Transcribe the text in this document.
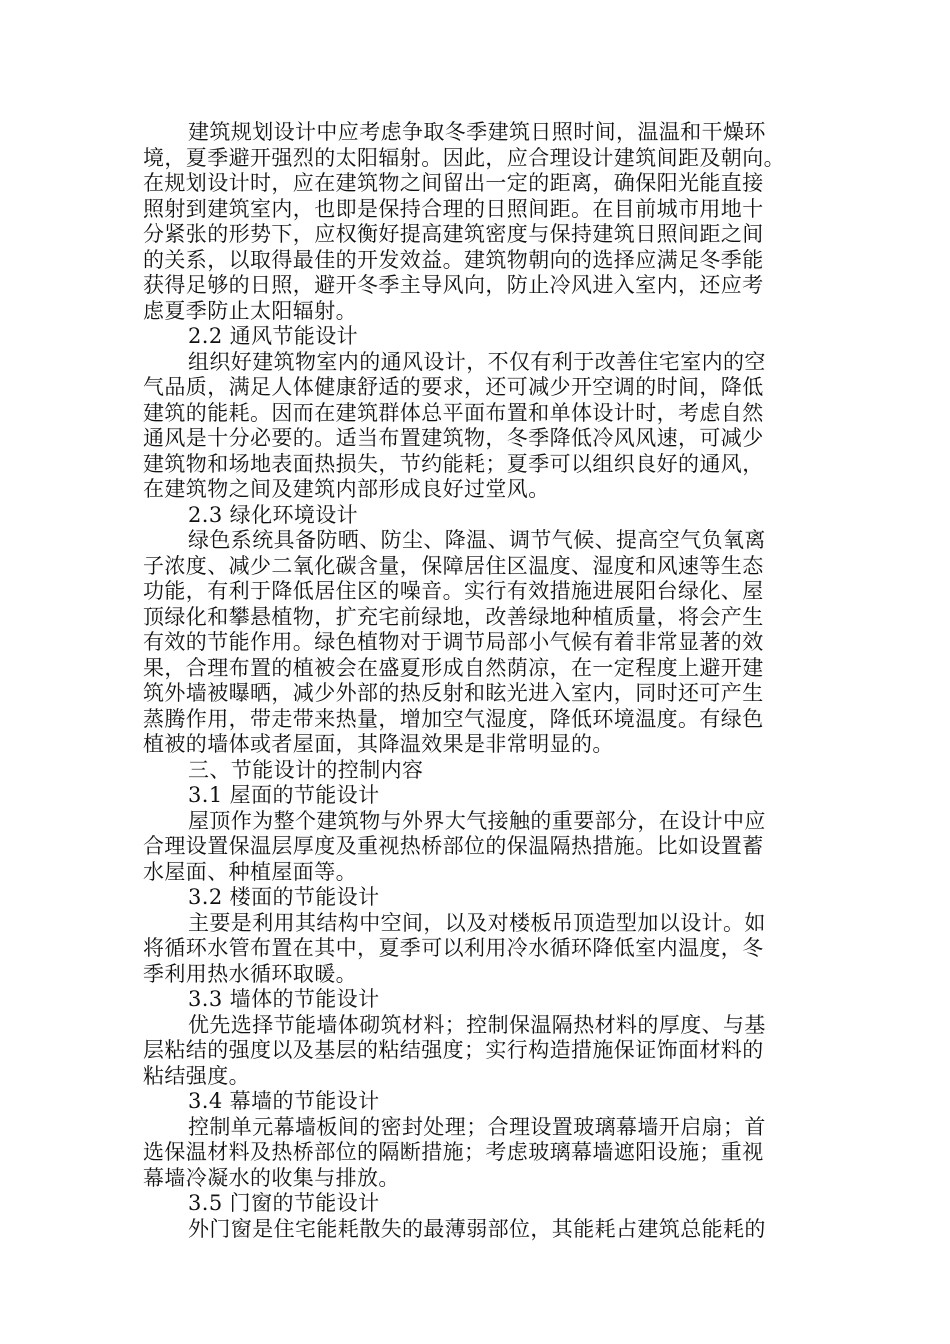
建筑规划设计中应考虑争取冬季建筑日照时间，温温和干燥环
境，夏季避开强烈的太阳辐射。因此，应合理设计建筑间距及朝向。
在规划设计时，应在建筑物之间留出一定的距离，确保阳光能直接
照射到建筑室内，也即是保持合理的日照间距。在目前城市用地十
分紧张的形势下，应权衡好提高建筑密度与保持建筑日照间距之间
的关系，以取得最佳的开发效益。建筑物朝向的选择应满足冬季能
获得足够的日照，避开冬季主导风向，防止冷风进入室内，还应考
虑夏季防止太阳辐射。
2.2 通风节能设计
组织好建筑物室内的通风设计，不仅有利于改善住宅室内的空
气品质，满足人体健康舒适的要求，还可减少开空调的时间，降低
建筑的能耗。因而在建筑群体总平面布置和单体设计时，考虑自然
通风是十分必要的。适当布置建筑物，冬季降低冷风风速，可减少
建筑物和场地表面热损失，节约能耗；夏季可以组织良好的通风，
在建筑物之间及建筑内部形成良好过堂风。
2.3 绿化环境设计
绿色系统具备防晒、防尘、降温、调节气候、提高空气负氧离
子浓度、减少二氧化碳含量，保障居住区温度、湿度和风速等生态
功能，有利于降低居住区的噪音。实行有效措施进展阳台绿化、屋
顶绿化和攀悬植物，扩充宅前绿地，改善绿地种植质量，将会产生
有效的节能作用。绿色植物对于调节局部小气候有着非常显著的效
果，合理布置的植被会在盛夏形成自然荫凉，在一定程度上避开建
筑外墙被曝晒，减少外部的热反射和眩光进入室内，同时还可产生
蒸腾作用，带走带来热量，增加空气湿度，降低环境温度。有绿色
植被的墙体或者屋面，其降温效果是非常明显的。
三、节能设计的控制内容
3.1 屋面的节能设计
屋顶作为整个建筑物与外界大气接触的重要部分，在设计中应
合理设置保温层厚度及重视热桥部位的保温隔热措施。比如设置蓄
水屋面、种植屋面等。
3.2 楼面的节能设计
主要是利用其结构中空间，以及对楼板吊顶造型加以设计。如
将循环水管布置在其中，夏季可以利用冷水循环降低室内温度，冬
季利用热水循环取暖。
3.3 墙体的节能设计
优先选择节能墙体砌筑材料；控制保温隔热材料的厚度、与基
层粘结的强度以及基层的粘结强度；实行构造措施保证饰面材料的
粘结强度。
3.4 幕墙的节能设计
控制单元幕墙板间的密封处理；合理设置玻璃幕墙开启扇；首
选保温材料及热桥部位的隔断措施；考虑玻璃幕墙遮阳设施；重视
幕墙冷凝水的收集与排放。
3.5 门窗的节能设计
外门窗是住宅能耗散失的最薄弱部位，其能耗占建筑总能耗的
